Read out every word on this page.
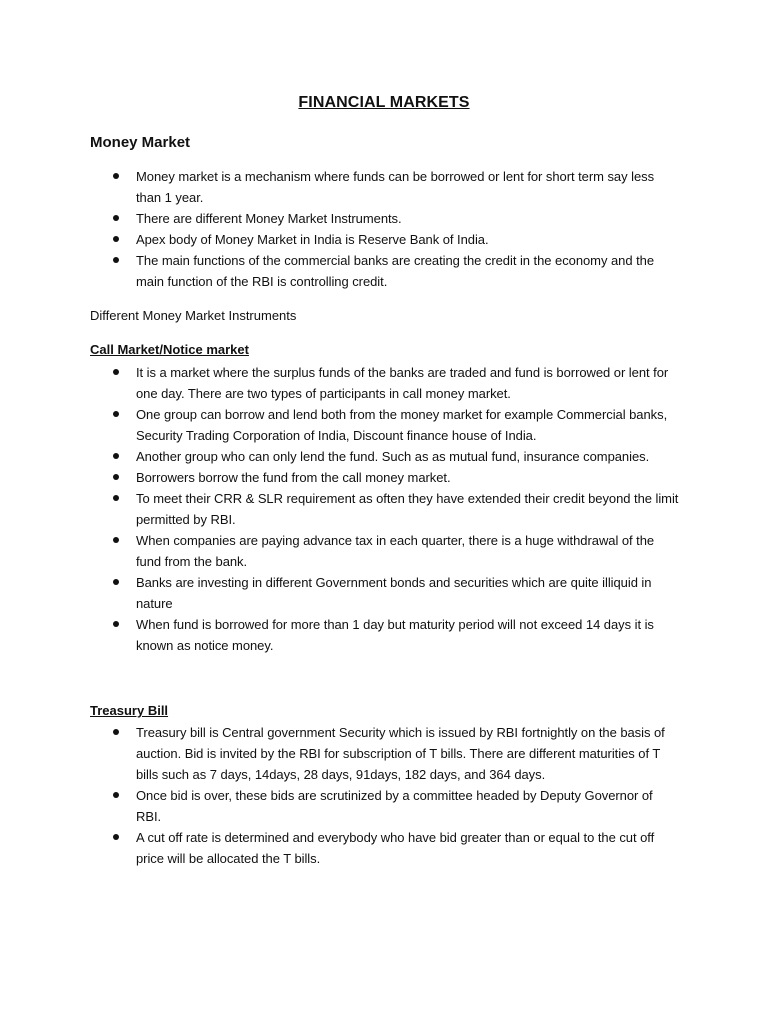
FINANCIAL MARKETS
Money Market
Money market is a mechanism where funds can be borrowed or lent for short term say less than 1 year.
There are different Money Market Instruments.
Apex body of Money Market in India is Reserve Bank of India.
The main functions of the commercial banks are creating the credit in the economy and the main function of the RBI is controlling credit.
Different Money Market Instruments
Call Market/Notice market
It is a market where the surplus funds of the banks are traded and fund is borrowed or lent for one day. There are two types of participants in call money market.
One group can borrow and lend both from the money market for example Commercial banks, Security Trading Corporation of India, Discount finance house of India.
Another group who can only lend the fund. Such as as mutual fund, insurance companies.
Borrowers borrow the fund from the call money market.
To meet their CRR & SLR requirement as often they have extended their credit beyond the limit permitted by RBI.
When companies are paying advance tax in each quarter, there is a huge withdrawal of the fund from the bank.
Banks are investing in different Government bonds and securities which are quite illiquid in nature
When fund is borrowed for more than 1 day but maturity period will not exceed 14 days it is known as notice money.
Treasury Bill
Treasury bill is Central government Security which is issued by RBI fortnightly on the basis of auction. Bid is invited by the RBI for subscription of T bills. There are different maturities of T bills such as 7 days, 14days, 28 days, 91days, 182 days, and 364 days.
Once bid is over, these bids are scrutinized by a committee headed by Deputy Governor of RBI.
A cut off rate is determined and everybody who have bid greater than or equal to the cut off price will be allocated the T bills.
